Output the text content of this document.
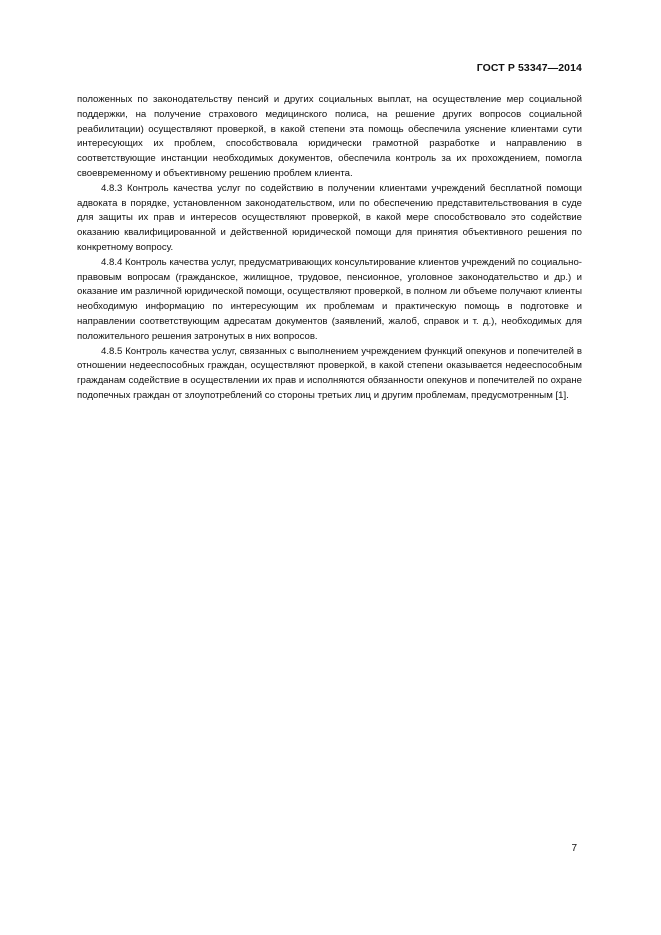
ГОСТ Р 53347—2014

положенных по законодательству пенсий и других социальных выплат, на осуществление мер социальной поддержки, на получение страхового медицинского полиса, на решение других вопросов социальной реабилитации) осуществляют проверкой, в какой степени эта помощь обеспечила уяснение клиентами сути интересующих их проблем, способствовала юридически грамотной разработке и направлению в соответствующие инстанции необходимых документов, обеспечила контроль за их прохождением, помогла своевременному и объективному решению проблем клиента.

4.8.3 Контроль качества услуг по содействию в получении клиентами учреждений бесплатной помощи адвоката в порядке, установленном законодательством, или по обеспечению представительствования в суде для защиты их прав и интересов осуществляют проверкой, в какой мере способствовало это содействие оказанию квалифицированной и действенной юридической помощи для принятия объективного решения по конкретному вопросу.

4.8.4 Контроль качества услуг, предусматривающих консультирование клиентов учреждений по социально-правовым вопросам (гражданское, жилищное, трудовое, пенсионное, уголовное законодательство и др.) и оказание им различной юридической помощи, осуществляют проверкой, в полном ли объеме получают клиенты необходимую информацию по интересующим их проблемам и практическую помощь в подготовке и направлении соответствующим адресатам документов (заявлений, жалоб, справок и т. д.), необходимых для положительного решения затронутых в них вопросов.

4.8.5 Контроль качества услуг, связанных с выполнением учреждением функций опекунов и попечителей в отношении недееспособных граждан, осуществляют проверкой, в какой степени оказывается недееспособным гражданам содействие в осуществлении их прав и исполняются обязанности опекунов и попечителей по охране подопечных граждан от злоупотреблений со стороны третьих лиц и другим проблемам, предусмотренным [1].

7
